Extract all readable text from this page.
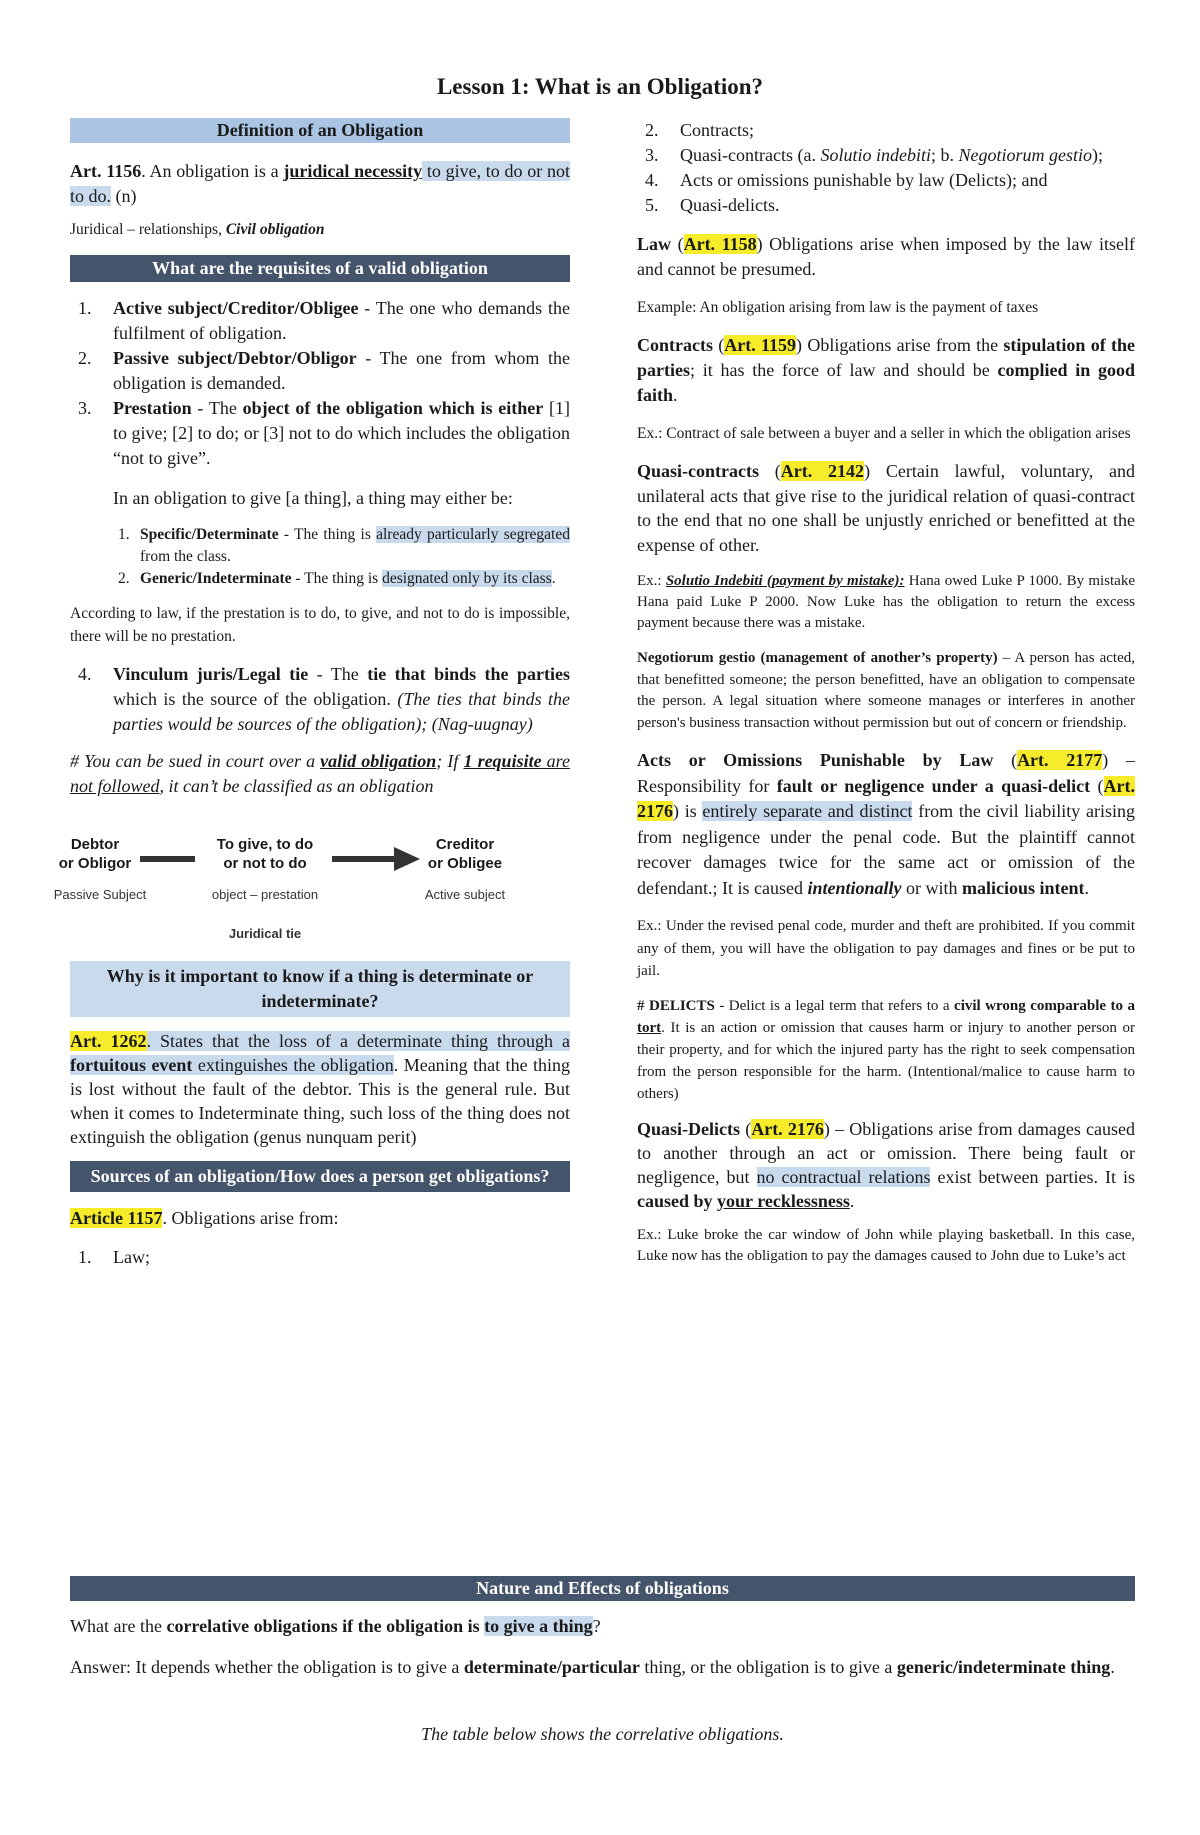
Lesson 1: What is an Obligation?
Definition of an Obligation

Art. 1156. An obligation is a juridical necessity to give, to do or not to do. (n)

Juridical – relationships, Civil obligation

What are the requisites of a valid obligation

1. Active subject/Creditor/Obligee - The one who demands the fulfilment of obligation.

2. Passive subject/Debtor/Obligor - The one from whom the obligation is demanded.

3. Prestation - The object of the obligation which is either [1] to give; [2] to do; or [3] not to do which includes the obligation “not to give”.

In an obligation to give [a thing], a thing may either be:

1. Specific/Determinate - The thing is already particularly segregated from the class.

2. Generic/Indeterminate - The thing is designated only by its class.

According to law, if the prestation is to do, to give, and not to do is impossible, there will be no prestation.

4. Vinculum juris/Legal tie - The tie that binds the parties which is the source of the obligation. (The ties that binds the parties would be sources of the obligation); (Nag-uugnay)

# You can be sued in court over a valid obligation; If 1 requisite are not followed, it can’t be classified as an obligation

Debtor
or Obligor
To give, to do
or not to do
Creditor
or Obligee
Passive Subject	object – prestation	Active subject
Juridical tie
Why is it important to know if a thing is determinate or indeterminate?

Art. 1262. States that the loss of a determinate thing through a fortuitous event extinguishes the obligation. Meaning that the thing is lost without the fault of the debtor. This is the general rule. But when it comes to Indeterminate thing, such loss of the thing does not extinguish the obligation (genus nunquam perit)

Sources of an obligation/How does a person get obligations?

Article 1157. Obligations arise from:

1. Law;

2. Contracts;

3. Quasi-contracts (a. Solutio indebiti; b. Negotiorum gestio);

4. Acts or omissions punishable by law (Delicts); and

5. Quasi-delicts.

Law (Art. 1158) Obligations arise when imposed by the law itself and cannot be presumed.

Example: An obligation arising from law is the payment of taxes

Contracts (Art. 1159) Obligations arise from the stipulation of the parties; it has the force of law and should be complied in good faith.

Ex.: Contract of sale between a buyer and a seller in which the obligation arises

Quasi-contracts (Art. 2142) Certain lawful, voluntary, and unilateral acts that give rise to the juridical relation of quasi-contract to the end that no one shall be unjustly enriched or benefitted at the expense of other.

Ex.: Solutio Indebiti (payment by mistake): Hana owed Luke P 1000. By mistake Hana paid Luke P 2000. Now Luke has the obligation to return the excess payment because there was a mistake.

Negotiorum gestio (management of another’s property) – A person has acted, that benefitted someone; the person benefitted, have an obligation to compensate the person. A legal situation where someone manages or interferes in another person's business transaction without permission but out of concern or friendship.

Acts or Omissions Punishable by Law (Art. 2177) – Responsibility for fault or negligence under a quasi-delict (Art. 2176) is entirely separate and distinct from the civil liability arising from negligence under the penal code. But the plaintiff cannot recover damages twice for the same act or omission of the defendant.; It is caused intentionally or with malicious intent.

Ex.: Under the revised penal code, murder and theft are prohibited. If you commit any of them, you will have the obligation to pay damages and fines or be put to jail.

# DELICTS - Delict is a legal term that refers to a civil wrong comparable to a tort. It is an action or omission that causes harm or injury to another person or their property, and for which the injured party has the right to seek compensation from the person responsible for the harm. (Intentional/malice to cause harm to others)

Quasi-Delicts (Art. 2176) – Obligations arise from damages caused to another through an act or omission. There being fault or negligence, but no contractual relations exist between parties. It is caused by your recklessness.

Ex.: Luke broke the car window of John while playing basketball. In this case, Luke now has the obligation to pay the damages caused to John due to Luke’s act

Nature and Effects of obligations

What are the correlative obligations if the obligation is to give a thing?

Answer: It depends whether the obligation is to give a determinate/particular thing, or the obligation is to give a generic/indeterminate thing.

The table below shows the correlative obligations.
